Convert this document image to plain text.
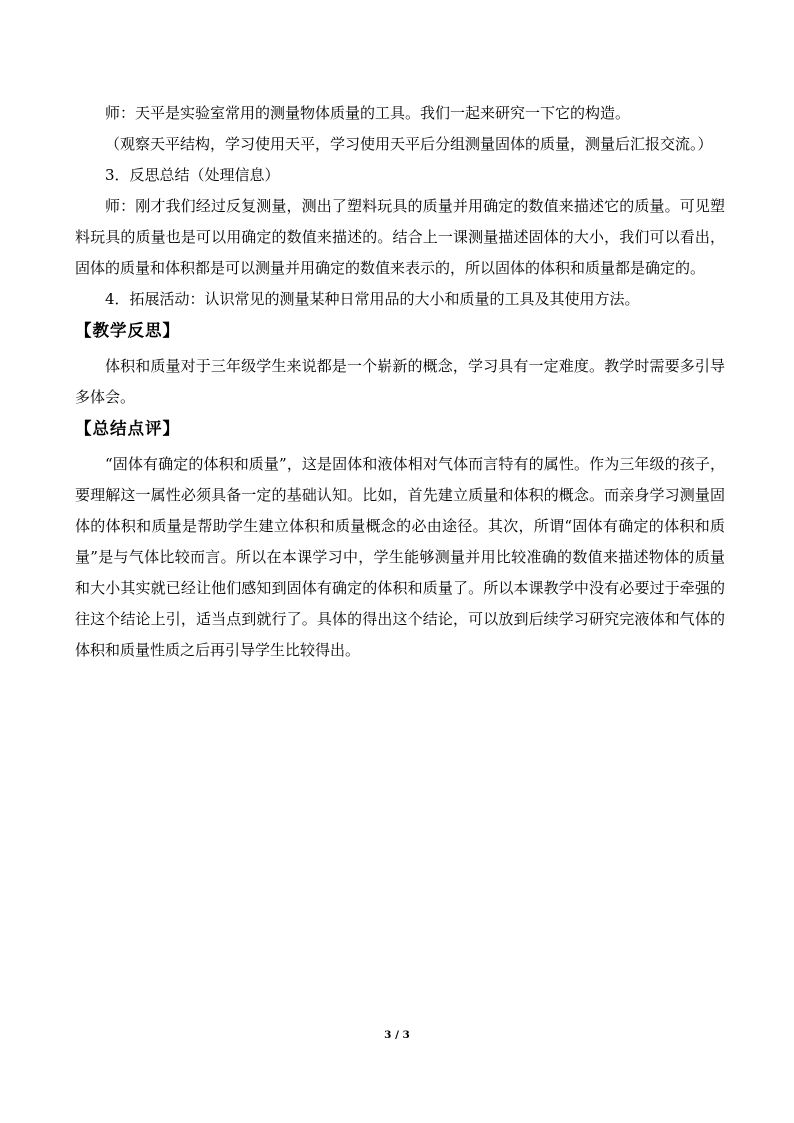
师：天平是实验室常用的测量物体质量的工具。我们一起来研究一下它的构造。

（观察天平结构，学习使用天平，学习使用天平后分组测量固体的质量，测量后汇报交流。）

3．反思总结（处理信息）

师：刚才我们经过反复测量，测出了塑料玩具的质量并用确定的数值来描述它的质量。可见塑料玩具的质量也是可以用确定的数值来描述的。结合上一课测量描述固体的大小，我们可以看出，固体的质量和体积都是可以测量并用确定的数值来表示的，所以固体的体积和质量都是确定的。

4．拓展活动：认识常见的测量某种日常用品的大小和质量的工具及其使用方法。

【教学反思】

体积和质量对于三年级学生来说都是一个崭新的概念，学习具有一定难度。教学时需要多引导多体会。

【总结点评】

“固体有确定的体积和质量”，这是固体和液体相对气体而言特有的属性。作为三年级的孩子，要理解这一属性必须具备一定的基础认知。比如，首先建立质量和体积的概念。而亲身学习测量固体的体积和质量是帮助学生建立体积和质量概念的必由途径。其次，所谓“固体有确定的体积和质量”是与气体比较而言。所以在本课学习中，学生能够测量并用比较准确的数值来描述物体的质量和大小其实就已经让他们感知到固体有确定的体积和质量了。所以本课教学中没有必要过于牵强的往这个结论上引，适当点到就行了。具体的得出这个结论，可以放到后续学习研究完液体和气体的体积和质量性质之后再引导学生比较得出。

3 / 3
